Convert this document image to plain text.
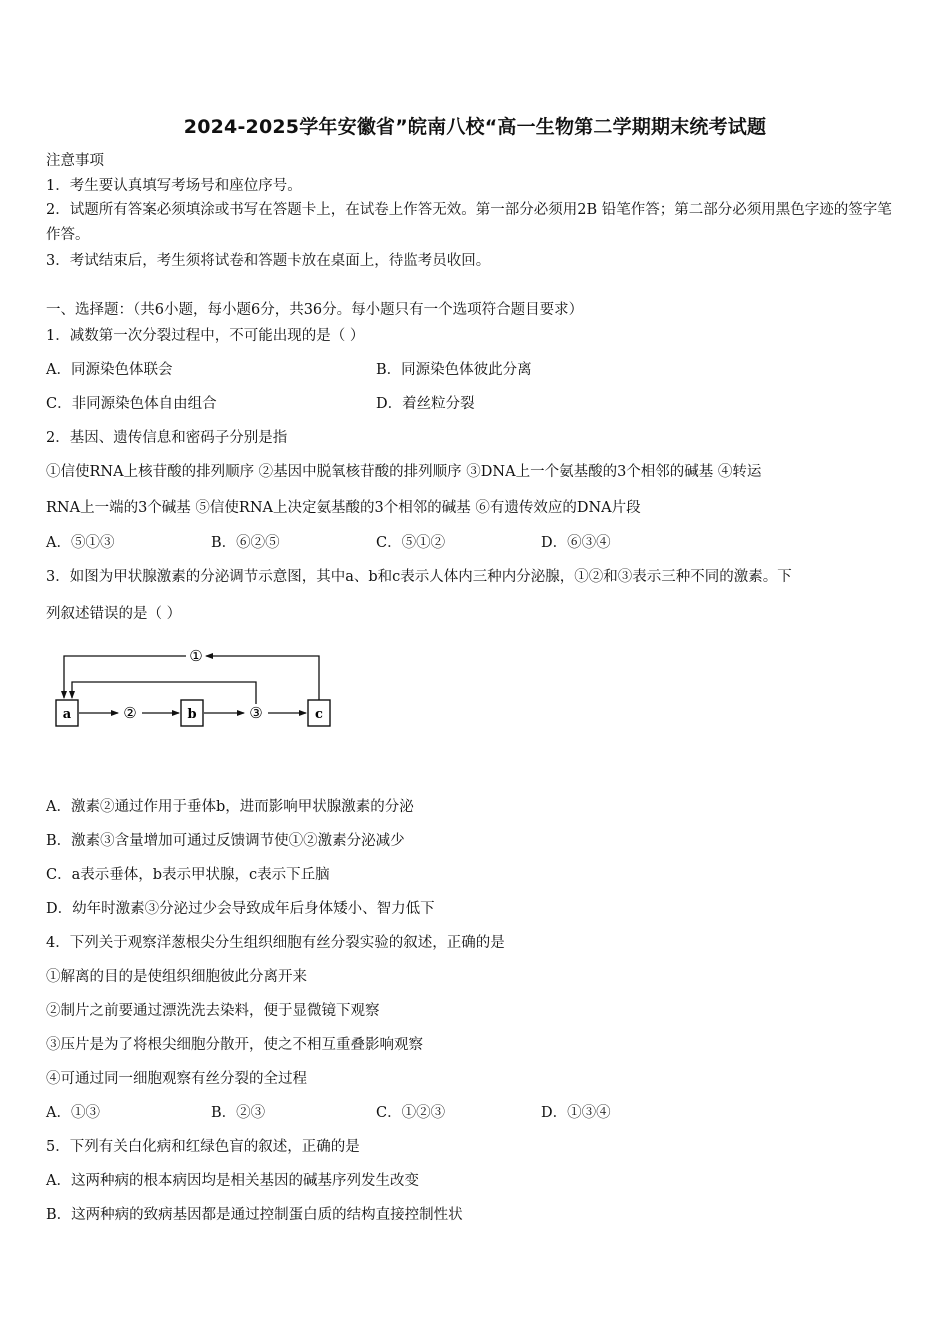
2024-2025学年安徽省”皖南八校“高一生物第二学期期末统考试题
注意事项
1．考生要认真填写考场号和座位序号。
2．试题所有答案必须填涂或书写在答题卡上，在试卷上作答无效。第一部分必须用2B 铅笔作答；第二部分必须用黑色字迹的签字笔作答。
3．考试结束后，考生须将试卷和答题卡放在桌面上，待监考员收回。
一、选择题：（共6小题，每小题6分，共36分。每小题只有一个选项符合题目要求）
1．减数第一次分裂过程中，不可能出现的是（ ）
A．同源染色体联会	B．同源染色体彼此分离
C．非同源染色体自由组合	D．着丝粒分裂
2．基因、遗传信息和密码子分别是指
①信使RNA上核苷酸的排列顺序 ②基因中脱氧核苷酸的排列顺序 ③DNA上一个氨基酸的3个相邻的碱基 ④转运
RNA上一端的3个碱基 ⑤信使RNA上决定氨基酸的3个相邻的碱基 ⑥有遗传效应的DNA片段
A．⑤①③	B．⑥②⑤	C．⑤①②	D．⑥③④
3．如图为甲状腺激素的分泌调节示意图，其中a、b和c表示人体内三种内分泌腺，①②和③表示三种不同的激素。下
列叙述错误的是（ ）
a	b	c
②	③
①
A．激素②通过作用于垂体b，进而影响甲状腺激素的分泌
B．激素③含量增加可通过反馈调节使①②激素分泌减少
C．a表示垂体，b表示甲状腺，c表示下丘脑
D．幼年时激素③分泌过少会导致成年后身体矮小、智力低下
4．下列关于观察洋葱根尖分生组织细胞有丝分裂实验的叙述，正确的是
①解离的目的是使组织细胞彼此分离开来
②制片之前要通过漂洗洗去染料，便于显微镜下观察
③压片是为了将根尖细胞分散开，使之不相互重叠影响观察
④可通过同一细胞观察有丝分裂的全过程
A．①③	B．②③	C．①②③	D．①③④
5．下列有关白化病和红绿色盲的叙述，正确的是
A．这两种病的根本病因均是相关基因的碱基序列发生改变
B．这两种病的致病基因都是通过控制蛋白质的结构直接控制性状
